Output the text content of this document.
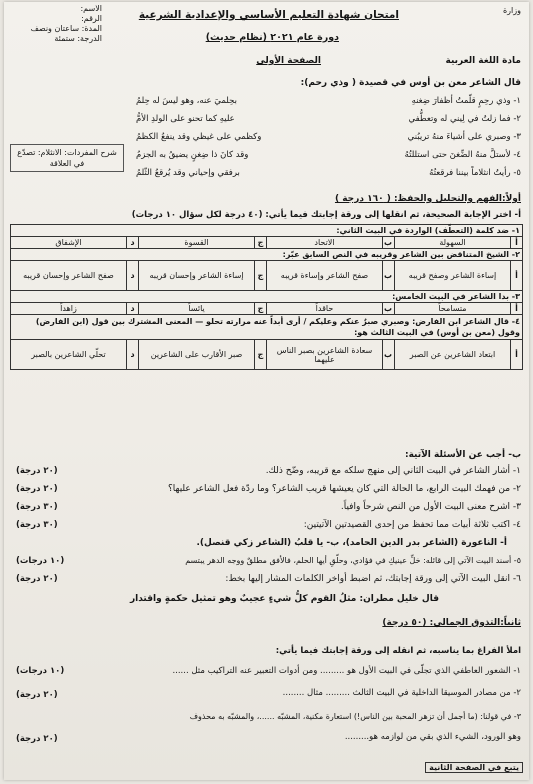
وزارة
امتحان شهادة التعليم الأساسي والإعدادية الشرعية
الاسم:
الرقم:
المدة: ساعتان ونصف
الدرجة: ستمئة	دورة عام ٢٠٢١ (نظام حديث)
مادة اللغة العربية
الصفحة الأولى
قال الشاعر معن بن أوس في قصيدة ( وذي رحم):
١- وذي رحِمٍ قلّمتُ أظفارَ ضِغنهِ
بحِلميَ عنه، وهو ليسَ له حِلمُ
٢- فما زلتُ في لِيني له وتعطُّفي
عليهِ كما تحنو على الولدِ الأمُّ
٣- وصبري على أشياءَ منهُ تريبُني
وكظمي على غيظي وقد ينفعُ الكظمُ
٤- لأستلَّ منهُ الضِّغنَ حتى استللتُهُ
وقد كانَ ذا ضِغنٍ يضيقُ به الجزمُ
٥- رأيتُ انثلاماً بيننا فرقعتُهُ
برفقي وإحياني وقد يُرقعُ الثّلمُ
شرح المفردات: الانثلام: تصدّع في العلاقة
أولاً:الفهم والتحليل والحفظ: ( ١٦٠ درجة )
أ- اختر الإجابة الصحيحة، ثم انقلها إلى ورقة إجابتك فيما يأتي: (٤٠ درجة لكل سؤال ١٠ درجات)
١- ضد كلمة (التعطّف) الواردة في البيت الثاني:							
أ	السهولة	ب	الاتحاد	ج	القسوة	د	الإشفاق
٢- الشيخ المتناقض بين الشاعر وقريبه في النص السابق عبّر:							
أ	إساءة الشاعر وصفح قريبه	ب	صفح الشاعر وإساءة قريبه	ج	إساءة الشاعر وإحسان قريبه	د	صفح الشاعر وإحسان قريبه
٣- بدا الشاعر في البيت الخامس:							
أ	متسامحاً	ب	حاقداً	ج	يائساً	د	زاهداً
٤- قال الشاعر ابن الفارض: وصبري صبرٌ عنكم وعليكم / أرى أبداً عنه مرارته تحلو — المعنى المشترك بين قول (ابن الفارض) وقول (معن بن أوس) في البيت الثالث هو:							
أ	ابتعاد الشاعرين عن الصبر	ب	سعادة الشاعرين بصبر الناس عليهما	ج	صبر الأقارب على الشاعرين	د	تحلّي الشاعرين بالصبر
ب- أجب عن الأسئلة الآتية:
١- أشار الشاعر في البيت الثاني إلى منهج سلكه مع قريبه، وضّح ذلك.
(٢٠ درجة)
٢- من فهمك البيت الرابع، ما الحالة التي كان يعيشها قريب الشاعر؟ وما ردّة فعل الشاعر عليها؟
(٢٠ درجة)
٣- اشرح معنى البيت الأول من النص شرحاً وافياً.
(٣٠ درجة)
٤- اكتب ثلاثة أبيات مما تحفظ من إحدى القصيدتين الآتيتين:
(٣٠ درجة)
أ- الناعورة (الشاعر بدر الدين الحامد)، ب- يا قلبُ (الشاعر زكي قنصل).
٥- أسند البيت الآتي إلى قائله: خلِّ عينيكِ في فؤادي، وحلّقِ أيها الحلم، فالأفق مطلقٌ ووجه الدهر يبتسم
(١٠ درجات)
٦- انقل البيت الآتي إلى ورقة إجابتك، ثم اضبط أواخر الكلمات المشار إليها بخط:
(٢٠ درجة)
قال خليل مطران: مثلُ القوم كلُّ شيءٍ عجيبٌ وهو تمثيل حكمةٍ واقتدار
ثانياً:التذوق الجمالي: (٥٠ درجة)
املأ الفراغ بما يناسبه، ثم انقله إلى ورقة إجابتك فيما يأتي:
١- الشعور العاطفي الذي تجلّى في البيت الأول هو ......... ومن أدوات التعبير عنه التراكيب مثل ......
(١٠ درجات)
٢- من مصادر الموسيقا الداخلية في البيت الثالث ......... مثال ........
(٢٠ درجة)
٣- في قولنا: (ما أجمل أن تزهر المحبة بين الناس!) استعارة مكنية، المشبّه ......، والمشبّه به محذوف
وهو الورود، الشيء الذي بقي من لوازمه هو.........
(٢٠ درجة)
يتبع في الصفحة الثانية
